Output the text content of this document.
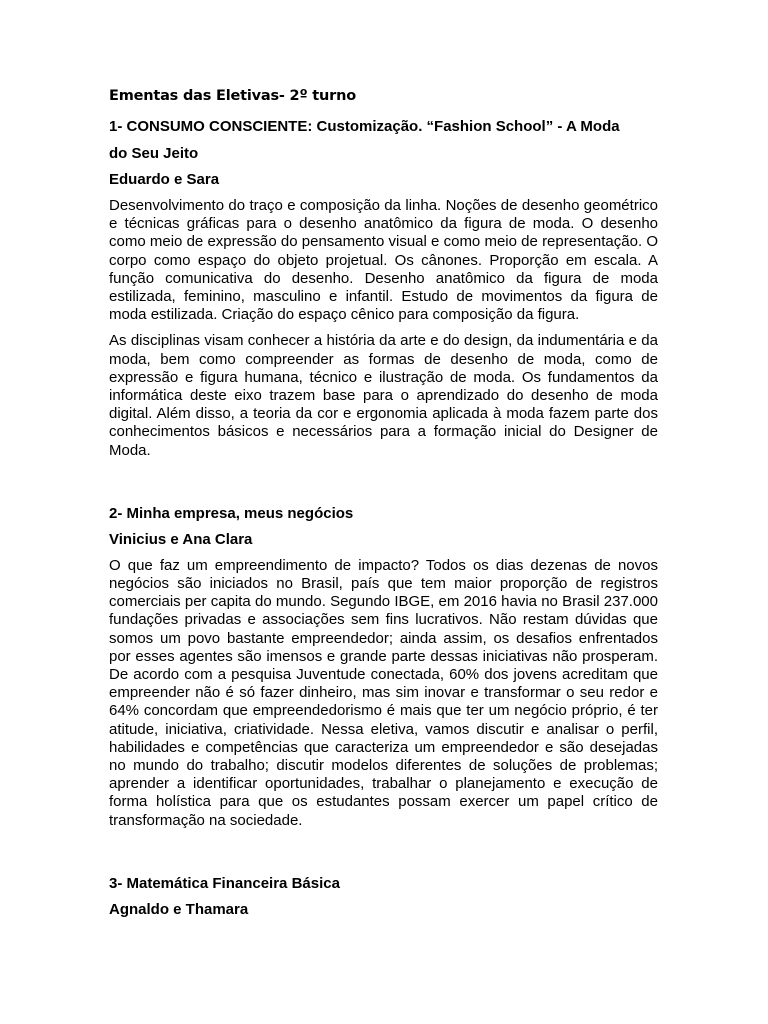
Ementas das Eletivas- 2º turno
1- CONSUMO CONSCIENTE: Customização. “Fashion School” - A Moda
do Seu Jeito
Eduardo e Sara

Desenvolvimento do traço e composição da linha. Noções de desenho geométrico e técnicas gráficas para o desenho anatômico da figura de moda. O desenho como meio de expressão do pensamento visual e como meio de representação. O corpo como espaço do objeto projetual. Os cânones. Proporção em escala. A função comunicativa do desenho. Desenho anatômico da figura de moda estilizada, feminino, masculino e infantil. Estudo de movimentos da figura de moda estilizada. Criação do espaço cênico para composição da figura.

As disciplinas visam conhecer a história da arte e do design, da indumentária e da moda, bem como compreender as formas de desenho de moda, como de expressão e figura humana, técnico e ilustração de moda. Os fundamentos da informática deste eixo trazem base para o aprendizado do desenho de moda digital. Além disso, a teoria da cor e ergonomia aplicada à moda fazem parte dos conhecimentos básicos e necessários para a formação inicial do Designer de Moda.

2- Minha empresa, meus negócios
Vinicius e Ana Clara

O que faz um empreendimento de impacto? Todos os dias dezenas de novos negócios são iniciados no Brasil, país que tem maior proporção de registros comerciais per capita do mundo. Segundo IBGE, em 2016 havia no Brasil 237.000 fundações privadas e associações sem fins lucrativos. Não restam dúvidas que somos um povo bastante empreendedor; ainda assim, os desafios enfrentados por esses agentes são imensos e grande parte dessas iniciativas não prosperam. De acordo com a pesquisa Juventude conectada, 60% dos jovens acreditam que empreender não é só fazer dinheiro, mas sim inovar e transformar o seu redor e 64% concordam que empreendedorismo é mais que ter um negócio próprio, é ter atitude, iniciativa, criatividade. Nessa eletiva, vamos discutir e analisar o perfil, habilidades e competências que caracteriza um empreendedor e são desejadas no mundo do trabalho; discutir modelos diferentes de soluções de problemas; aprender a identificar oportunidades, trabalhar o planejamento e execução de forma holística para que os estudantes possam exercer um papel crítico de transformação na sociedade.

3- Matemática Financeira Básica
Agnaldo e Thamara
